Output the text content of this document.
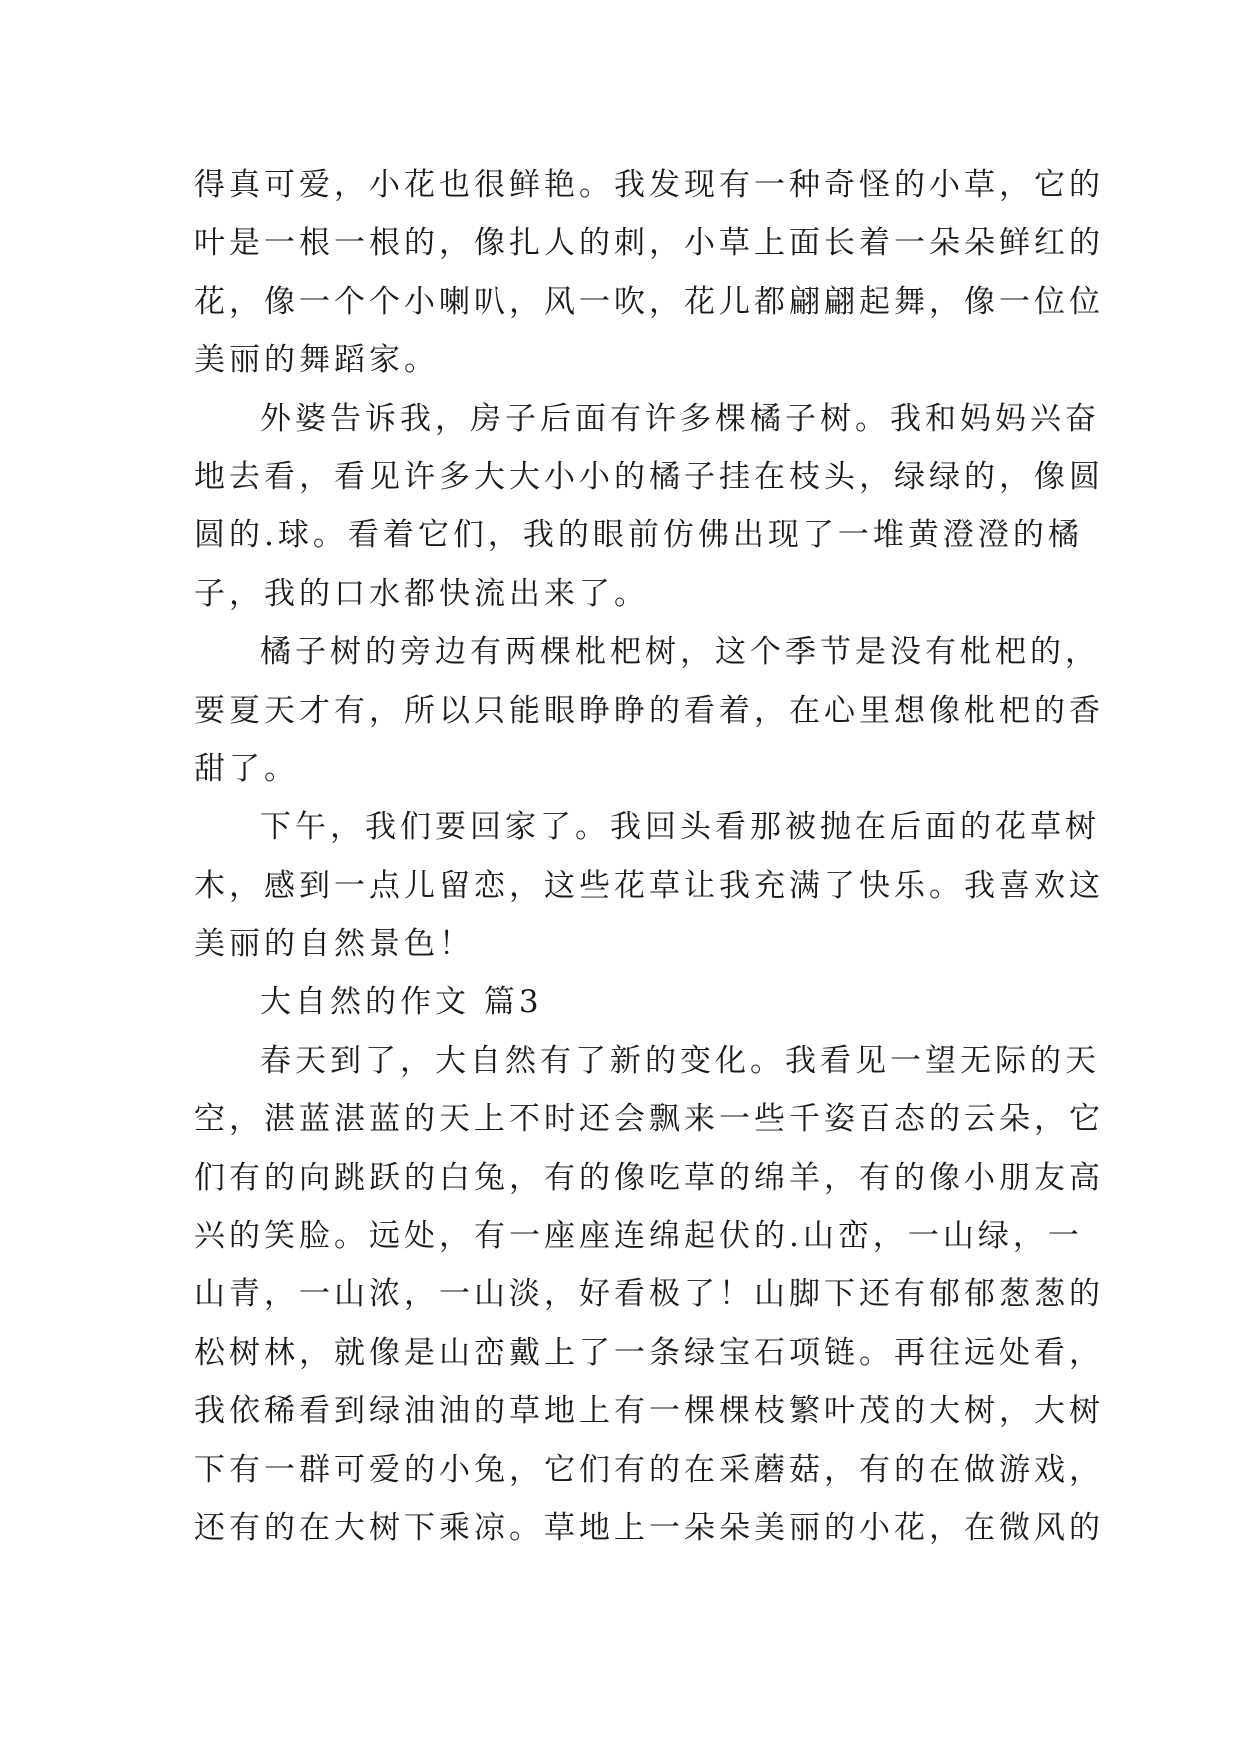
得真可爱，小花也很鲜艳。我发现有一种奇怪的小草，它的
叶是一根一根的，像扎人的刺，小草上面长着一朵朵鲜红的
花，像一个个小喇叭，风一吹，花儿都翩翩起舞，像一位位
美丽的舞蹈家。
外婆告诉我，房子后面有许多棵橘子树。我和妈妈兴奋
地去看，看见许多大大小小的橘子挂在枝头，绿绿的，像圆
圆的.球。看着它们，我的眼前仿佛出现了一堆黄澄澄的橘
子，我的口水都快流出来了。
橘子树的旁边有两棵枇杷树，这个季节是没有枇杷的，
要夏天才有，所以只能眼睁睁的看着，在心里想像枇杷的香
甜了。
下午，我们要回家了。我回头看那被抛在后面的花草树
木，感到一点儿留恋，这些花草让我充满了快乐。我喜欢这
美丽的自然景色！
大自然的作文 篇3
春天到了，大自然有了新的变化。我看见一望无际的天
空，湛蓝湛蓝的天上不时还会飘来一些千姿百态的云朵，它
们有的向跳跃的白兔，有的像吃草的绵羊，有的像小朋友高
兴的笑脸。远处，有一座座连绵起伏的.山峦，一山绿，一
山青，一山浓，一山淡，好看极了！山脚下还有郁郁葱葱的
松树林，就像是山峦戴上了一条绿宝石项链。再往远处看，
我依稀看到绿油油的草地上有一棵棵枝繁叶茂的大树，大树
下有一群可爱的小兔，它们有的在采蘑菇，有的在做游戏，
还有的在大树下乘凉。草地上一朵朵美丽的小花，在微风的
